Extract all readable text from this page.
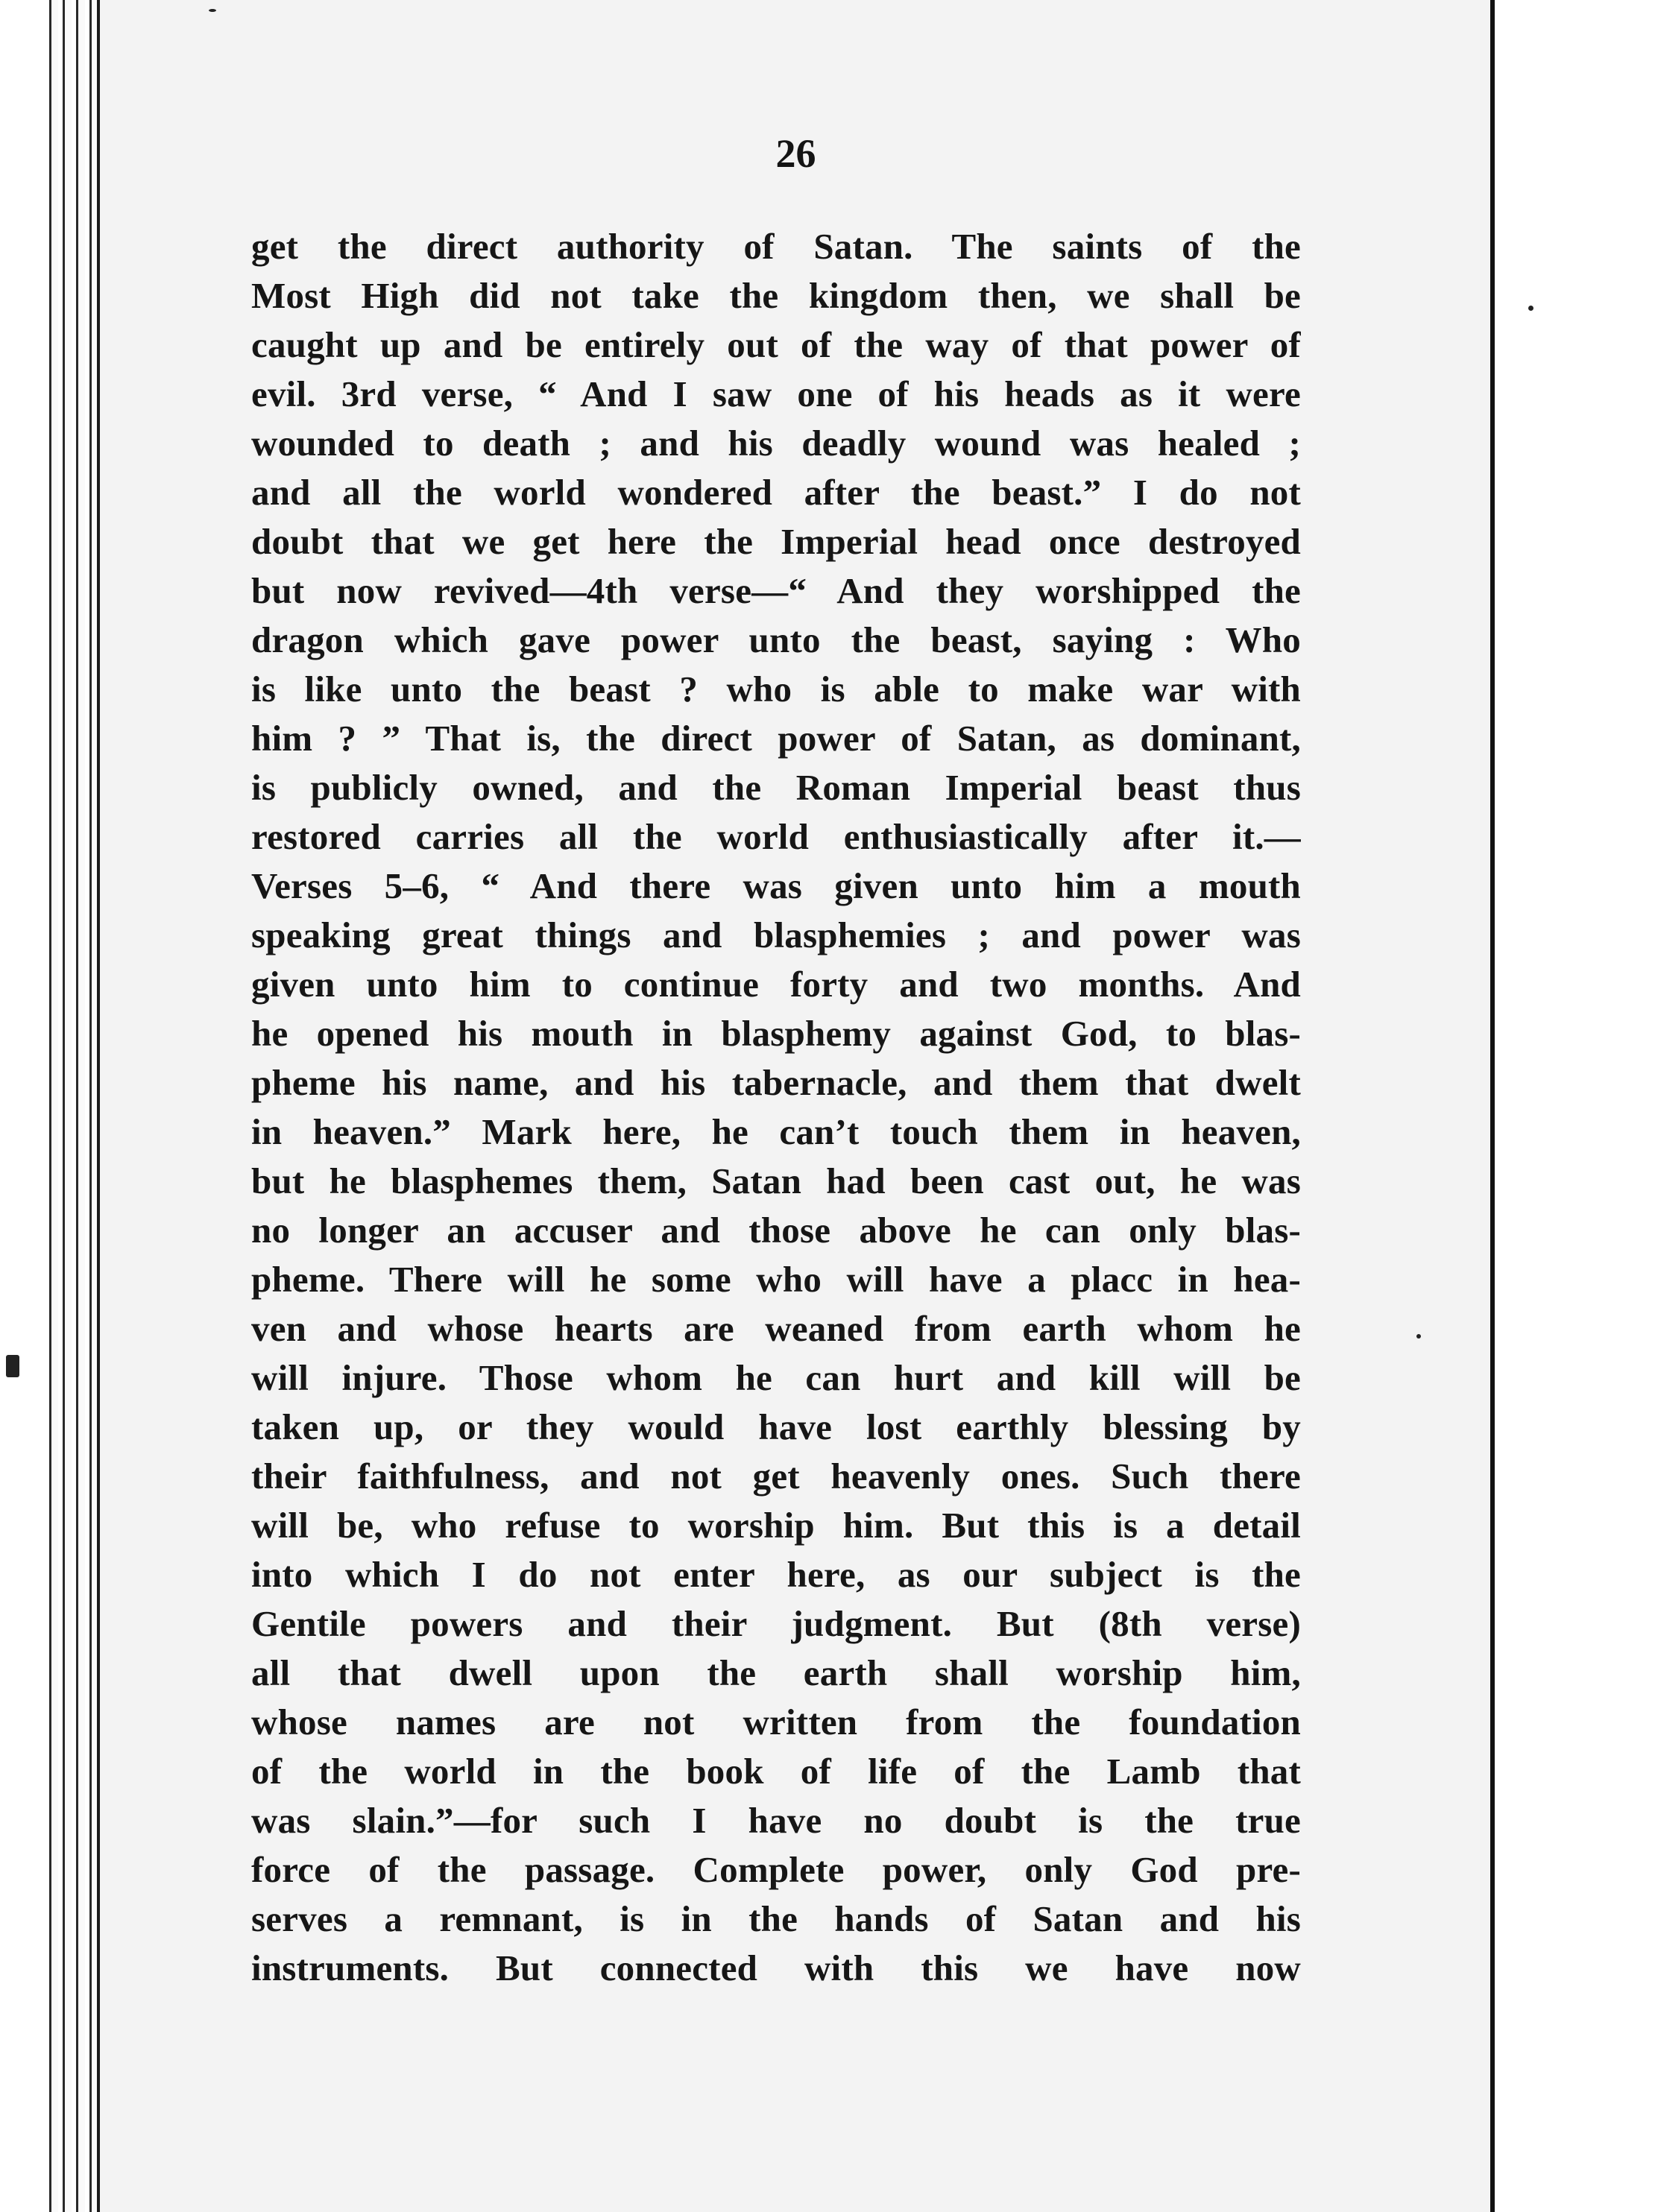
26
get the direct authority of Satan. The saints of the
Most High did not take the kingdom then, we shall be
caught up and be entirely out of the way of that power of
evil. 3rd verse, “ And I saw one of his heads as it were
wounded to death ; and his deadly wound was healed ;
and all the world wondered after the beast.” I do not
doubt that we get here the Imperial head once destroyed
but now revived—4th verse—“ And they worshipped the
dragon which gave power unto the beast, saying : Who
is like unto the beast ? who is able to make war with
him ? ” That is, the direct power of Satan, as dominant,
is publicly owned, and the Roman Imperial beast thus
restored carries all the world enthusiastically after it.—
Verses 5–6, “ And there was given unto him a mouth
speaking great things and blasphemies ; and power was
given unto him to continue forty and two months. And
he opened his mouth in blasphemy against God, to blas-
pheme his name, and his tabernacle, and them that dwelt
in heaven.” Mark here, he can’t touch them in heaven,
but he blasphemes them, Satan had been cast out, he was
no longer an accuser and those above he can only blas-
pheme. There will he some who will have a placc in hea-
ven and whose hearts are weaned from earth whom he
will injure. Those whom he can hurt and kill will be
taken up, or they would have lost earthly blessing by
their faithfulness, and not get heavenly ones. Such there
will be, who refuse to worship him. But this is a detail
into which I do not enter here, as our subject is the
Gentile powers and their judgment. But (8th verse)
all that dwell upon the earth shall worship him,
whose names are not written from the foundation
of the world in the book of life of the Lamb that
was slain.”—for such I have no doubt is the true
force of the passage. Complete power, only God pre-
serves a remnant, is in the hands of Satan and his
instruments. But connected with this we have now
